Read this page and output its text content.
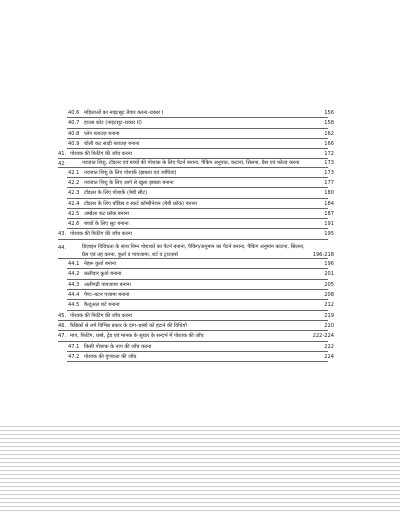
40.6 महिलाओं का नाइटसूट तैयार करना–प्रकार I	156
40.7 हाउस कोट (नाइटसूट–प्रकार II)	158
40.8 प्लेन ब्लाउज़ बनाना	162
40.9 चोली कट साड़ी ब्लाउज़ बनाना	166
41. पोशाक की फिटिंग की जाँच करना	172
42.	नवजात शिशु, टॉडलर एवं बच्चों की पोशाक के लिए पैटर्न बनाना, पैकिंग अनुपात, कटाना, सिलना, प्रैस एवं फोल्ड करना	173
42.1 नवजात शिशु के लिए पोशाकें (झबला एवं जांघिया)	173
42.2 नवजात शिशु के लिए आगे से खुला झबला बनाना	177
42.3 टॉडलर के लिए पोशाकें (बेबी सीट)	180
42.4 टॉडलर के लिए बॉडिस व स्कर्ट कॉम्बीनेशन (बेबी फ्रॉक) बनाना	184
42.5 अम्ब्रेला कट फ्रॉक बनाना	187
42.6 बच्चों के लिए सूट बनाना	191
43. पोशाक की फिटिंग की जाँच करना	195
44.	डिज़ाइन विविधता के साथ निम्न पोशाकों का पैटर्न बनाना, पैकिंग/अनुमान का पैटर्न बनाना, पैकिंग अनुमान काटना, सिलना, प्रैस एवं तह करना, कुर्ता व पायजामा, शर्ट व ट्राउज़र्स	196-218
44.1 नेहरू कुर्ता बनाना	196
44.2 कलीदार कुर्ता बनाना	201
44.3 अलीगढ़ी पायजामा बनाना	205
44.4 पैण्ट–बटन पजामा बनाना	208
44.5 कैज़ुअल शर्ट बनाना	212
45. पोशाक की फिटिंग की जाँच करना	219
46. फैब्रिकों से लगे विभिन्न प्रकार के दाग–धब्बों को हटाने की विधियाँ	220
47. माप, फिटिंग, धब्बे, ट्रेंड एवं मानक के सुधार के सन्दर्भ में पोशाक की जाँच	222-224
47.1 किसी पोशाक के नाप की जाँच करना	222
47.2 पोशाक की गुणवत्ता की जाँच	224
